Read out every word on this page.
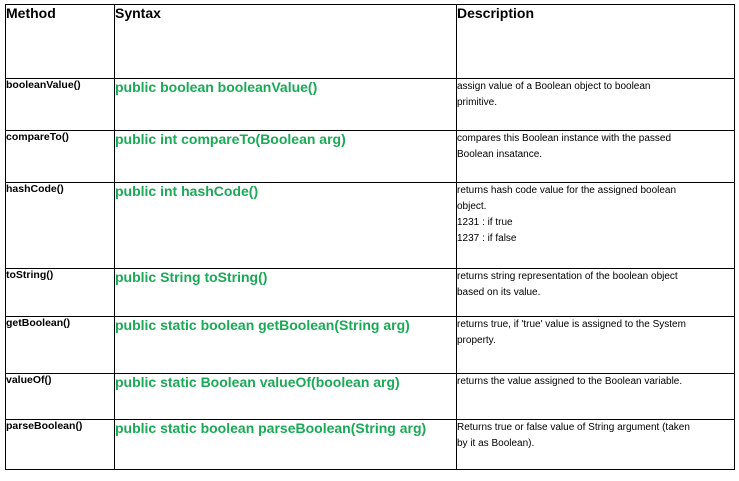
Method	Syntax	Description
booleanValue()	public boolean booleanValue()	assign value of a Boolean object to boolean
primitive.

compareTo()	public int compareTo(Boolean arg)	compares this Boolean instance with the passed
Boolean insatance.

hashCode()	public int hashCode()	returns hash code value for the assigned boolean
object.
1231 : if true
1237 : if false

toString()	public String toString()	returns string representation of the boolean object
based on its value.

getBoolean()	public static boolean getBoolean(String arg)	returns true, if 'true' value is assigned to the System
property.

valueOf()	public static Boolean valueOf(boolean arg)	returns the value assigned to the Boolean variable.

parseBoolean()	public static boolean parseBoolean(String arg)	Returns true or false value of String argument (taken
by it as Boolean).
